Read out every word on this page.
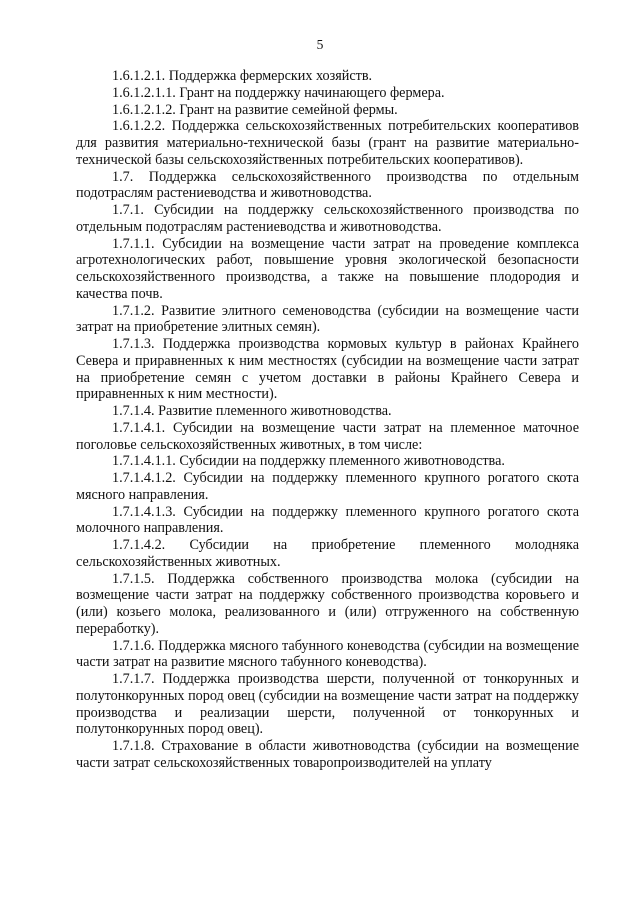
5

1.6.1.2.1. Поддержка фермерских хозяйств.

1.6.1.2.1.1. Грант на поддержку начинающего фермера.

1.6.1.2.1.2. Грант на развитие семейной фермы.

1.6.1.2.2. Поддержка сельскохозяйственных потребительских кооперативов для развития материально-технической базы (грант на развитие материально-технической базы сельскохозяйственных потребительских кооперативов).

1.7. Поддержка сельскохозяйственного производства по отдельным подотраслям растениеводства и животноводства.

1.7.1. Субсидии на поддержку сельскохозяйственного производства по отдельным подотраслям растениеводства и животноводства.

1.7.1.1. Субсидии на возмещение части затрат на проведение комплекса агротехнологических работ, повышение уровня экологической безопасности сельскохозяйственного производства, а также на повышение плодородия и качества почв.

1.7.1.2. Развитие элитного семеноводства (субсидии на возмещение части затрат на приобретение элитных семян).

1.7.1.3. Поддержка производства кормовых культур в районах Крайнего Севера и приравненных к ним местностях (субсидии на возмещение части затрат на приобретение семян с учетом доставки в районы Крайнего Севера и приравненных к ним местности).

1.7.1.4. Развитие племенного животноводства.

1.7.1.4.1. Субсидии на возмещение части затрат на племенное маточное поголовье сельскохозяйственных животных, в том числе:

1.7.1.4.1.1. Субсидии на поддержку племенного животноводства.

1.7.1.4.1.2. Субсидии на поддержку племенного крупного рогатого скота мясного направления.

1.7.1.4.1.3. Субсидии на поддержку племенного крупного рогатого скота молочного направления.

1.7.1.4.2. Субсидии на приобретение племенного молодняка сельскохозяйственных животных.

1.7.1.5. Поддержка собственного производства молока (субсидии на возмещение части затрат на поддержку собственного производства коровьего и (или) козьего молока, реализованного и (или) отгруженного на собственную переработку).

1.7.1.6. Поддержка мясного табунного коневодства (субсидии на возмещение части затрат на развитие мясного табунного коневодства).

1.7.1.7. Поддержка производства шерсти, полученной от тонкорунных и полутонкорунных пород овец (субсидии на возмещение части затрат на поддержку производства и реализации шерсти, полученной от тонкорунных и полутонкорунных пород овец).

1.7.1.8. Страхование в области животноводства (субсидии на возмещение части затрат сельскохозяйственных товаропроизводителей на уплату
